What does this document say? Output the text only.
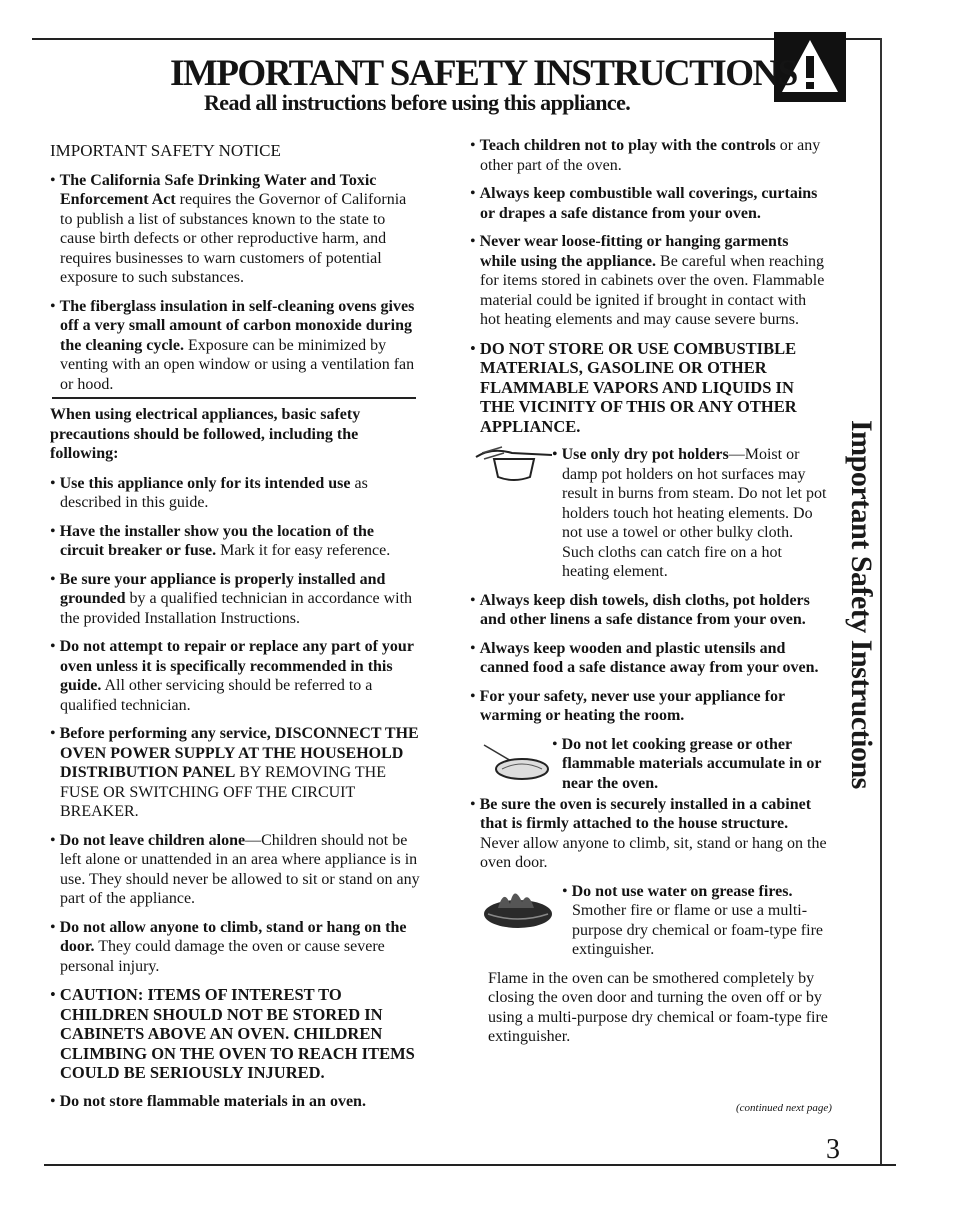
IMPORTANT SAFETY INSTRUCTIONS
Read all instructions before using this appliance.

IMPORTANT SAFETY NOTICE

• The California Safe Drinking Water and Toxic Enforcement Act requires the Governor of California to publish a list of substances known to the state to cause birth defects or other reproductive harm, and requires businesses to warn customers of potential exposure to such substances.

• The fiberglass insulation in self-cleaning ovens gives off a very small amount of carbon monoxide during the cleaning cycle. Exposure can be minimized by venting with an open window or using a ventilation fan or hood.

When using electrical appliances, basic safety precautions should be followed, including the following:

• Use this appliance only for its intended use as described in this guide.

• Have the installer show you the location of the circuit breaker or fuse. Mark it for easy reference.

• Be sure your appliance is properly installed and grounded by a qualified technician in accordance with the provided Installation Instructions.

• Do not attempt to repair or replace any part of your oven unless it is specifically recommended in this guide. All other servicing should be referred to a qualified technician.

• Before performing any service, DISCONNECT THE OVEN POWER SUPPLY AT THE HOUSEHOLD DISTRIBUTION PANEL BY REMOVING THE FUSE OR SWITCHING OFF THE CIRCUIT BREAKER.

• Do not leave children alone—Children should not be left alone or unattended in an area where appliance is in use. They should never be allowed to sit or stand on any part of the appliance.

• Do not allow anyone to climb, stand or hang on the door. They could damage the oven or cause severe personal injury.

• CAUTION: ITEMS OF INTEREST TO CHILDREN SHOULD NOT BE STORED IN CABINETS ABOVE AN OVEN. CHILDREN CLIMBING ON THE OVEN TO REACH ITEMS COULD BE SERIOUSLY INJURED.

• Do not store flammable materials in an oven.

• Teach children not to play with the controls or any other part of the oven.

• Always keep combustible wall coverings, curtains or drapes a safe distance from your oven.

• Never wear loose-fitting or hanging garments while using the appliance. Be careful when reaching for items stored in cabinets over the oven. Flammable material could be ignited if brought in contact with hot heating elements and may cause severe burns.

• DO NOT STORE OR USE COMBUSTIBLE MATERIALS, GASOLINE OR OTHER FLAMMABLE VAPORS AND LIQUIDS IN THE VICINITY OF THIS OR ANY OTHER APPLIANCE.

• Use only dry pot holders—Moist or damp pot holders on hot surfaces may result in burns from steam. Do not let pot holders touch hot heating elements. Do not use a towel or other bulky cloth. Such cloths can catch fire on a hot heating element.

• Always keep dish towels, dish cloths, pot holders and other linens a safe distance from your oven.

• Always keep wooden and plastic utensils and canned food a safe distance away from your oven.

• For your safety, never use your appliance for warming or heating the room.

• Do not let cooking grease or other flammable materials accumulate in or near the oven.

• Be sure the oven is securely installed in a cabinet that is firmly attached to the house structure. Never allow anyone to climb, sit, stand or hang on the oven door.

• Do not use water on grease fires. Smother fire or flame or use a multi-purpose dry chemical or foam-type fire extinguisher.

Flame in the oven can be smothered completely by closing the oven door and turning the oven off or by using a multi-purpose dry chemical or foam-type fire extinguisher.

(continued next page)
Important Safety Instructions
3
